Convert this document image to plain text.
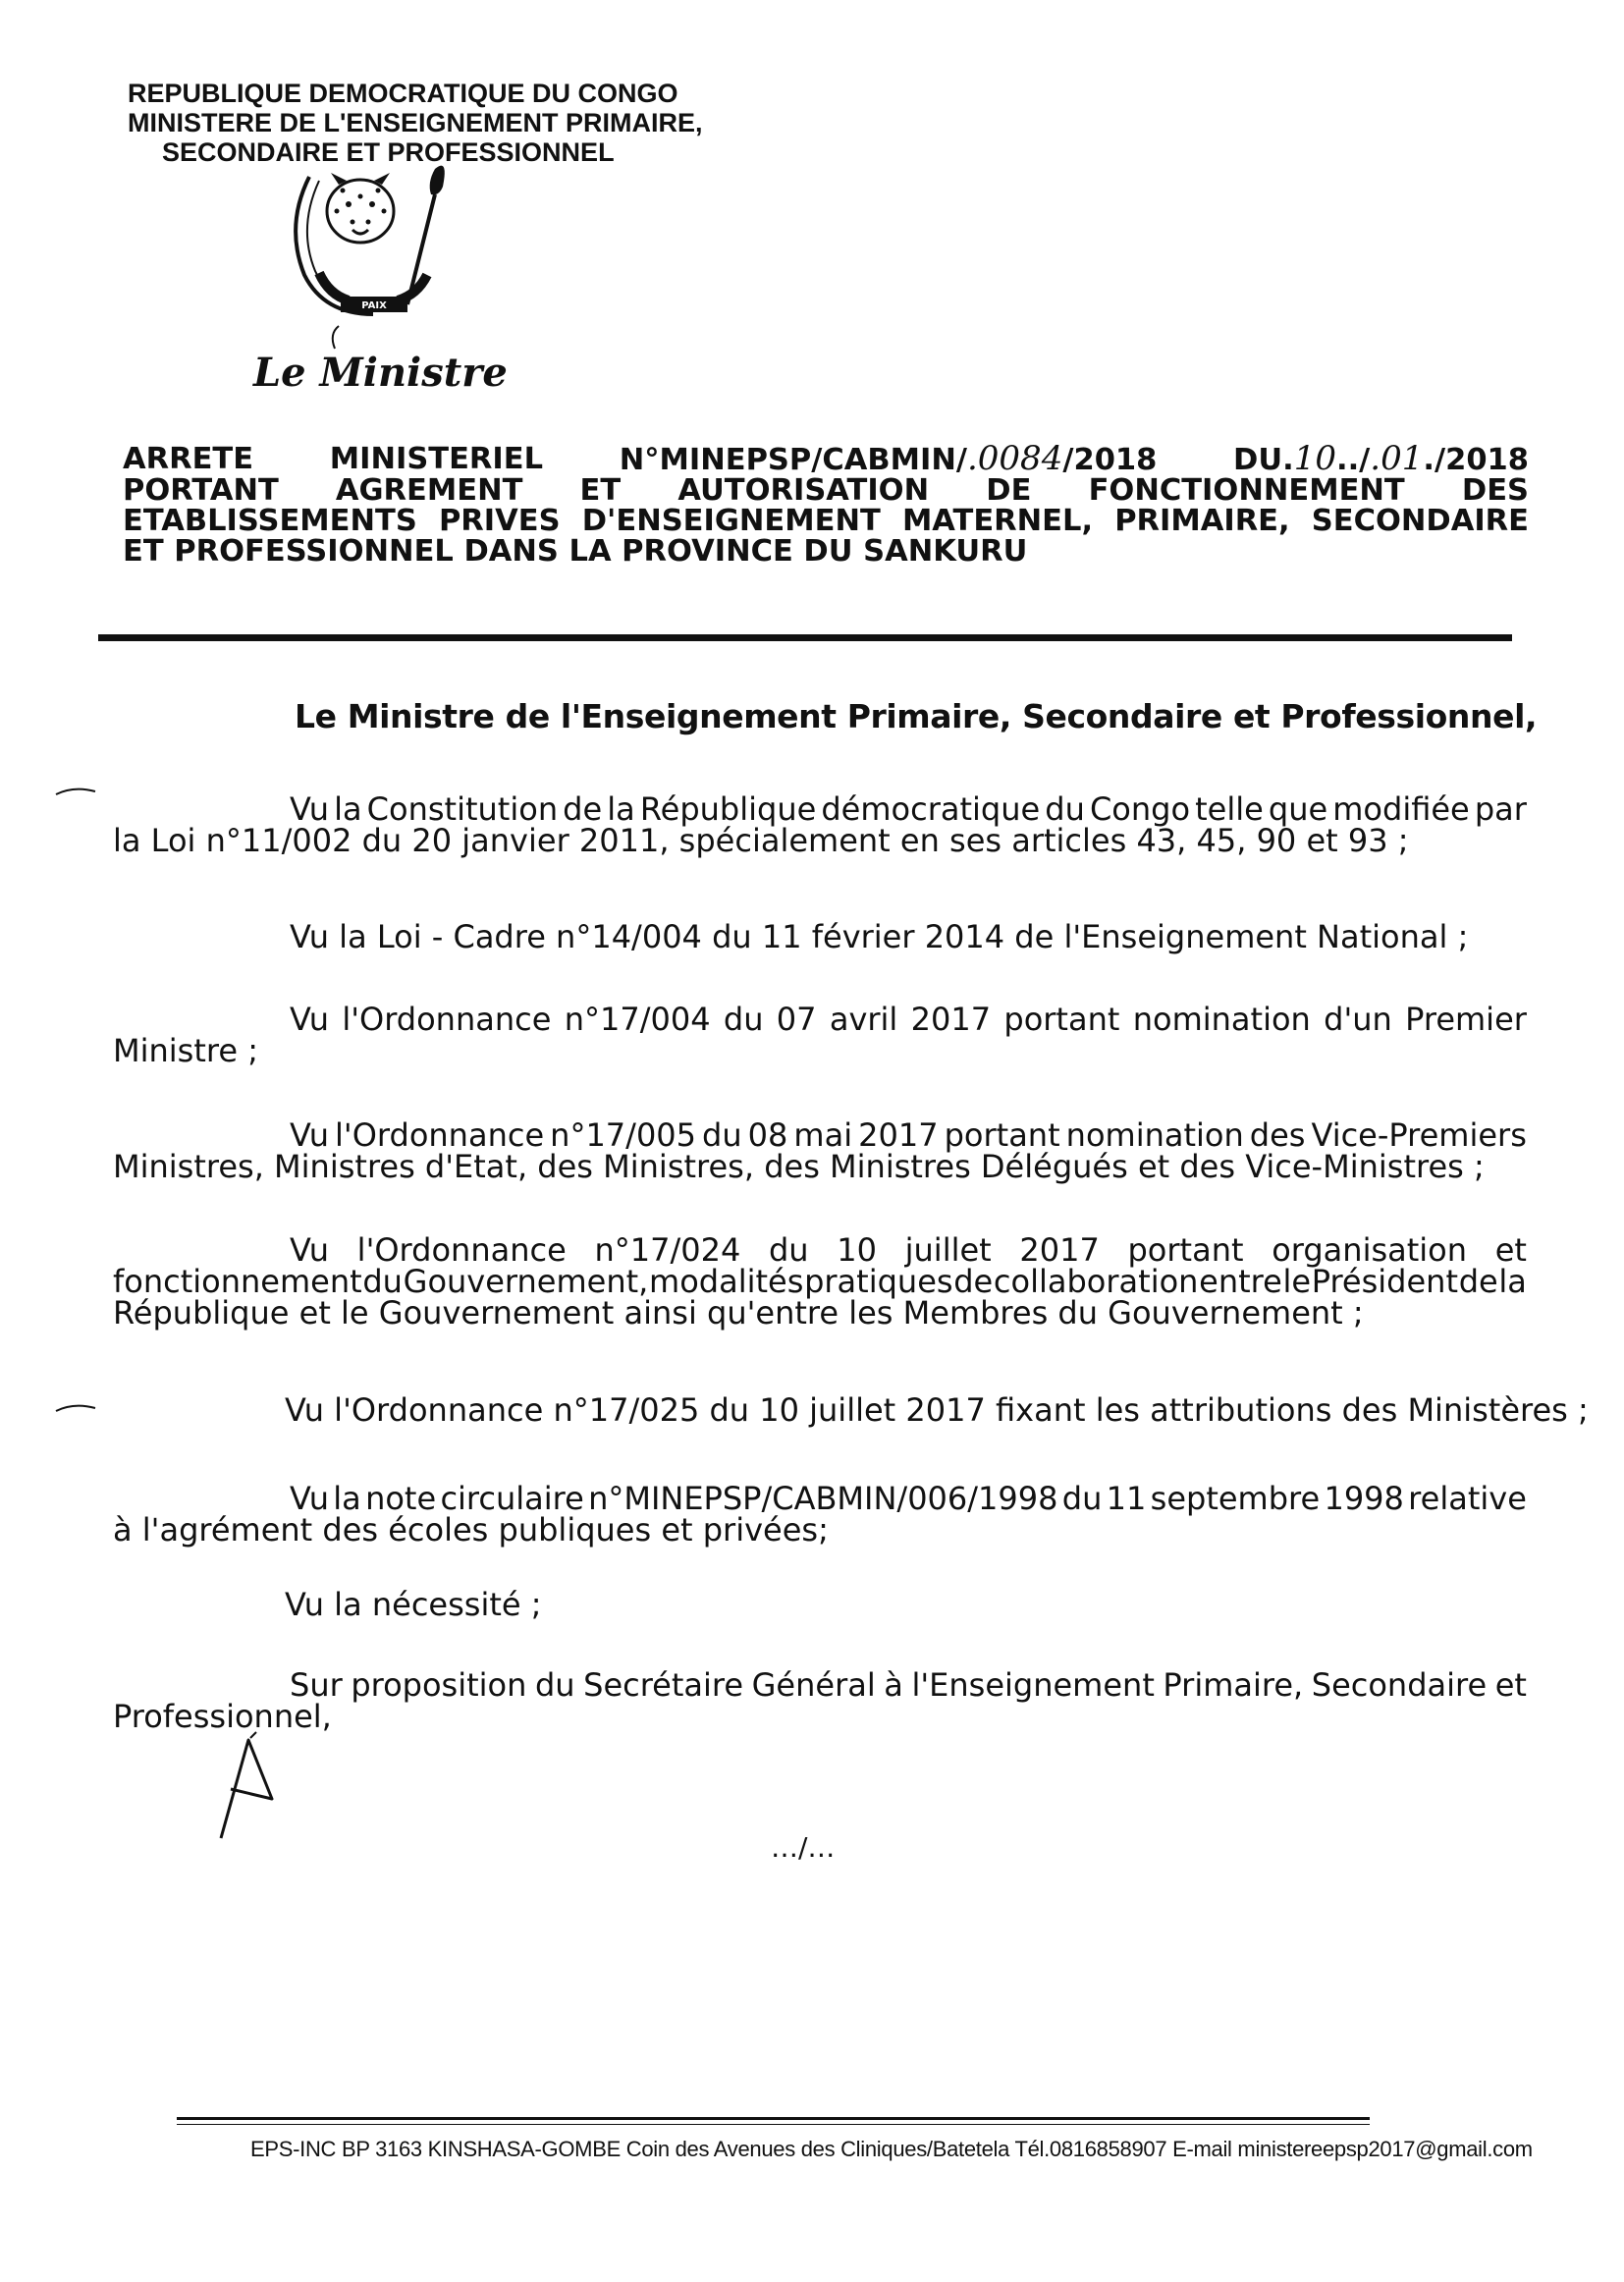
REPUBLIQUE DEMOCRATIQUE DU CONGO
MINISTERE DE L'ENSEIGNEMENT PRIMAIRE,
SECONDAIRE ET PROFESSIONNEL
PAIX
Le Ministre
ARRETE	MINISTERIEL	N°MINEPSP/CABMIN/.0084/2018	DU.10../.01./2018
PORTANT AGREMENT ET AUTORISATION DE FONCTIONNEMENT DES
ETABLISSEMENTS PRIVES D'ENSEIGNEMENT MATERNEL, PRIMAIRE, SECONDAIRE
ET PROFESSIONNEL DANS LA PROVINCE DU SANKURU
Le Ministre de l'Enseignement Primaire, Secondaire et Professionnel,
Vu la Constitution de la République démocratique du Congo telle que modifiée par
la Loi n°11/002 du 20 janvier 2011, spécialement en ses articles 43, 45, 90 et 93 ;
Vu la Loi - Cadre n°14/004 du 11 février 2014 de l'Enseignement National ;
Vu l'Ordonnance n°17/004 du 07 avril 2017 portant nomination d'un Premier
Ministre ;
Vu l'Ordonnance n°17/005 du 08 mai 2017 portant nomination des Vice-Premiers
Ministres, Ministres d'Etat, des Ministres, des Ministres Délégués et des Vice-Ministres ;
Vu l'Ordonnance n°17/024 du 10 juillet 2017 portant organisation et
fonctionnement du Gouvernement, modalités pratiques de collaboration entre le Président de la
République et le Gouvernement ainsi qu'entre les Membres du Gouvernement ;
Vu l'Ordonnance n°17/025 du 10 juillet 2017 fixant les attributions des Ministères ;
Vu la note circulaire n°MINEPSP/CABMIN/006/1998 du 11 septembre 1998 relative
à l'agrément des écoles publiques et privées;
Vu la nécessité ;
Sur proposition du Secrétaire Général à l'Enseignement Primaire, Secondaire et
Professionnel,
…/…
EPS-INC BP 3163 KINSHASA-GOMBE Coin des Avenues des Cliniques/Batetela Tél.0816858907 E-mail ministereepsp2017@gmail.com
